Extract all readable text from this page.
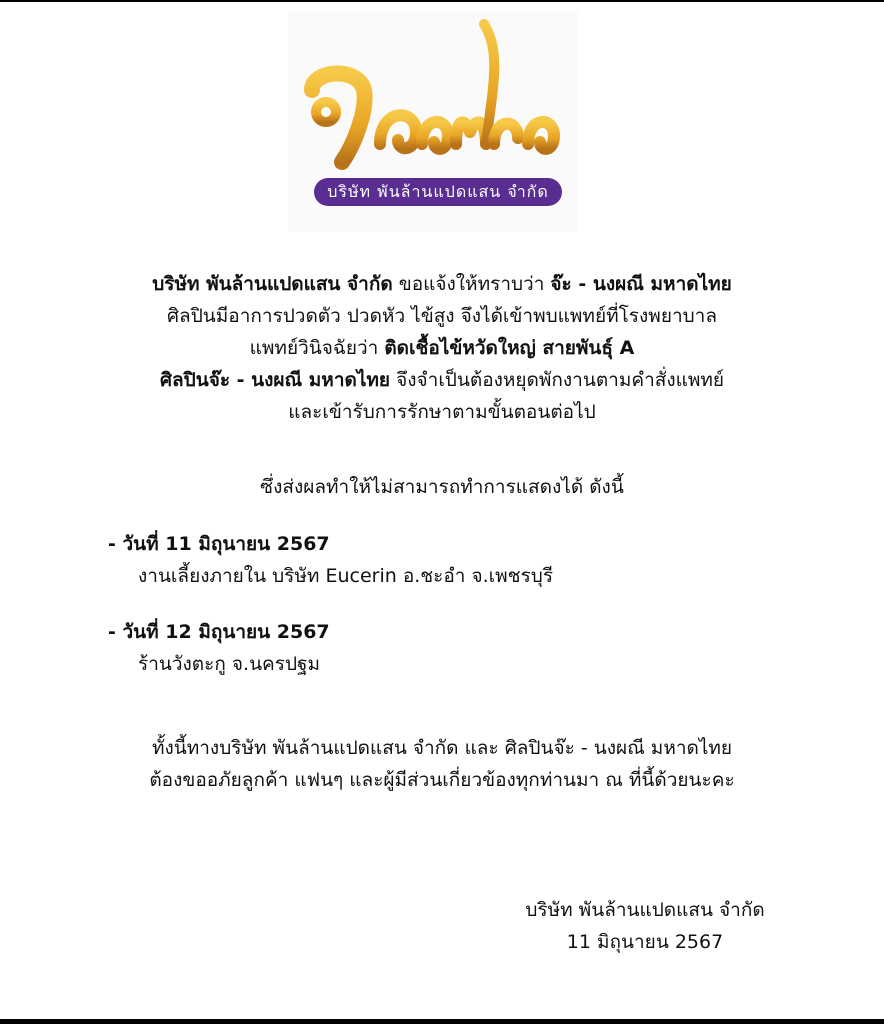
บริษัท พันล้านแปดแสน จำกัด
บริษัท พันล้านแปดแสน จำกัด ขอแจ้งให้ทราบว่า จ๊ะ - นงผณี มหาดไทย
ศิลปินมีอาการปวดตัว ปวดหัว ไข้สูง จึงได้เข้าพบแพทย์ที่โรงพยาบาล
แพทย์วินิจฉัยว่า ติดเชื้อไข้หวัดใหญ่ สายพันธุ์ A
ศิลปินจ๊ะ - นงผณี มหาดไทย จึงจำเป็นต้องหยุดพักงานตามคำสั่งแพทย์
และเข้ารับการรักษาตามขั้นตอนต่อไป
ซึ่งส่งผลทำให้ไม่สามารถทำการแสดงได้ ดังนี้
- วันที่ 11 มิถุนายน 2567
งานเลี้ยงภายใน บริษัท Eucerin อ.ชะอำ จ.เพชรบุรี
- วันที่ 12 มิถุนายน 2567
ร้านวังตะกู จ.นครปฐม
ทั้งนี้ทางบริษัท พันล้านแปดแสน จำกัด และ ศิลปินจ๊ะ - นงผณี มหาดไทย
ต้องขออภัยลูกค้า แฟนๆ และผู้มีส่วนเกี่ยวข้องทุกท่านมา ณ ที่นี้ด้วยนะคะ
บริษัท พันล้านแปดแสน จำกัด
11 มิถุนายน 2567
